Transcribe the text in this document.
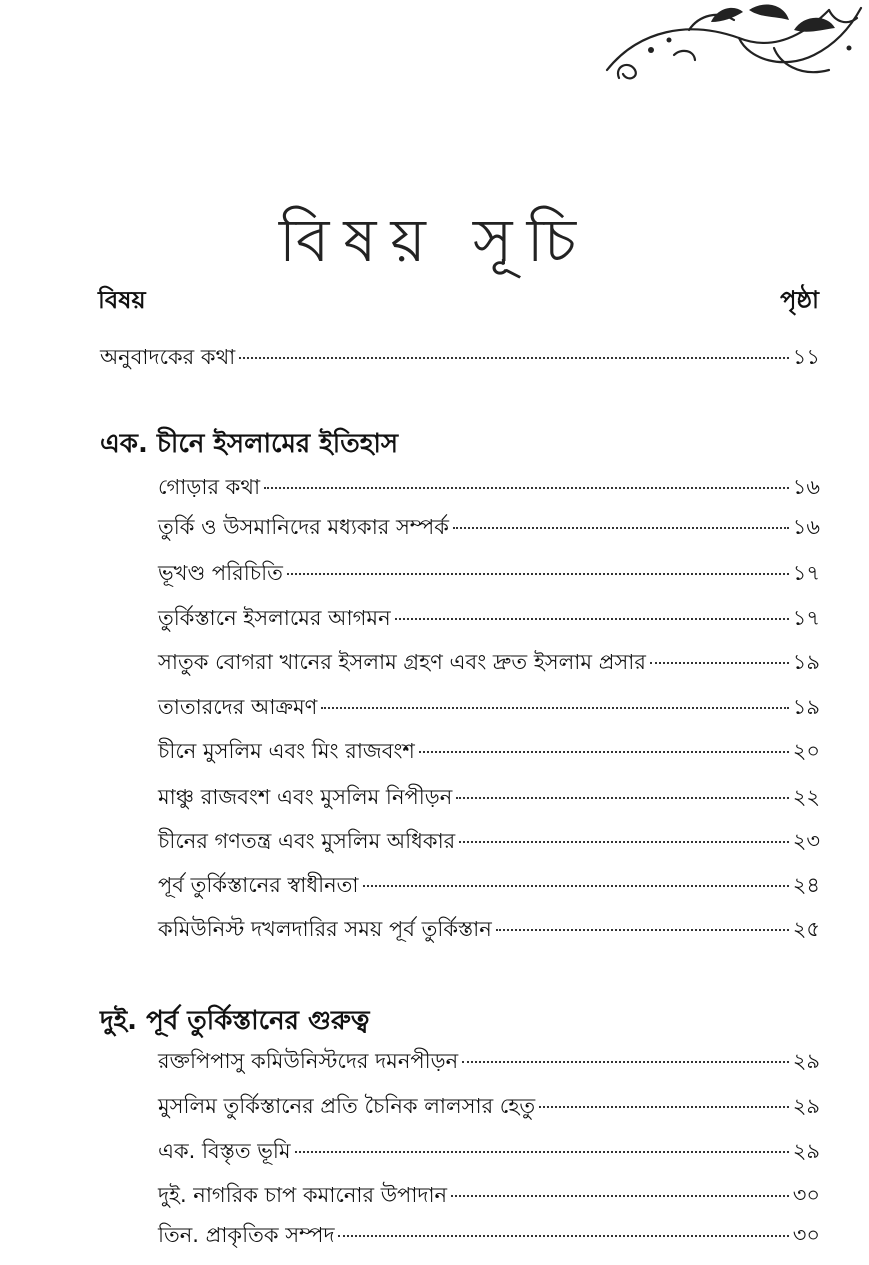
বিষয় সূচি
বিষয়	পৃষ্ঠা
অনুবাদকের কথা	১১
এক. চীনে ইসলামের ইতিহাস
গোড়ার কথা	১৬
তুর্কি ও উসমানিদের মধ্যকার সম্পর্ক	১৬
ভূখণ্ড পরিচিতি	১৭
তুর্কিস্তানে ইসলামের আগমন	১৭
সাতুক বোগরা খানের ইসলাম গ্রহণ এবং দ্রুত ইসলাম প্রসার	১৯
তাতারদের আক্রমণ	১৯
চীনে মুসলিম এবং মিং রাজবংশ	২০
মাঞ্চু রাজবংশ এবং মুসলিম নিপীড়ন	২২
চীনের গণতন্ত্র এবং মুসলিম অধিকার	২৩
পূর্ব তুর্কিস্তানের স্বাধীনতা	২৪
কমিউনিস্ট দখলদারির সময় পূর্ব তুর্কিস্তান	২৫
দুই. পূর্ব তুর্কিস্তানের গুরুত্ব
রক্তপিপাসু কমিউনিস্টদের দমনপীড়ন	২৯
মুসলিম তুর্কিস্তানের প্রতি চৈনিক লালসার হেতু	২৯
এক. বিস্তৃত ভূমি	২৯
দুই. নাগরিক চাপ কমানোর উপাদান	৩০
তিন. প্রাকৃতিক সম্পদ	৩০
